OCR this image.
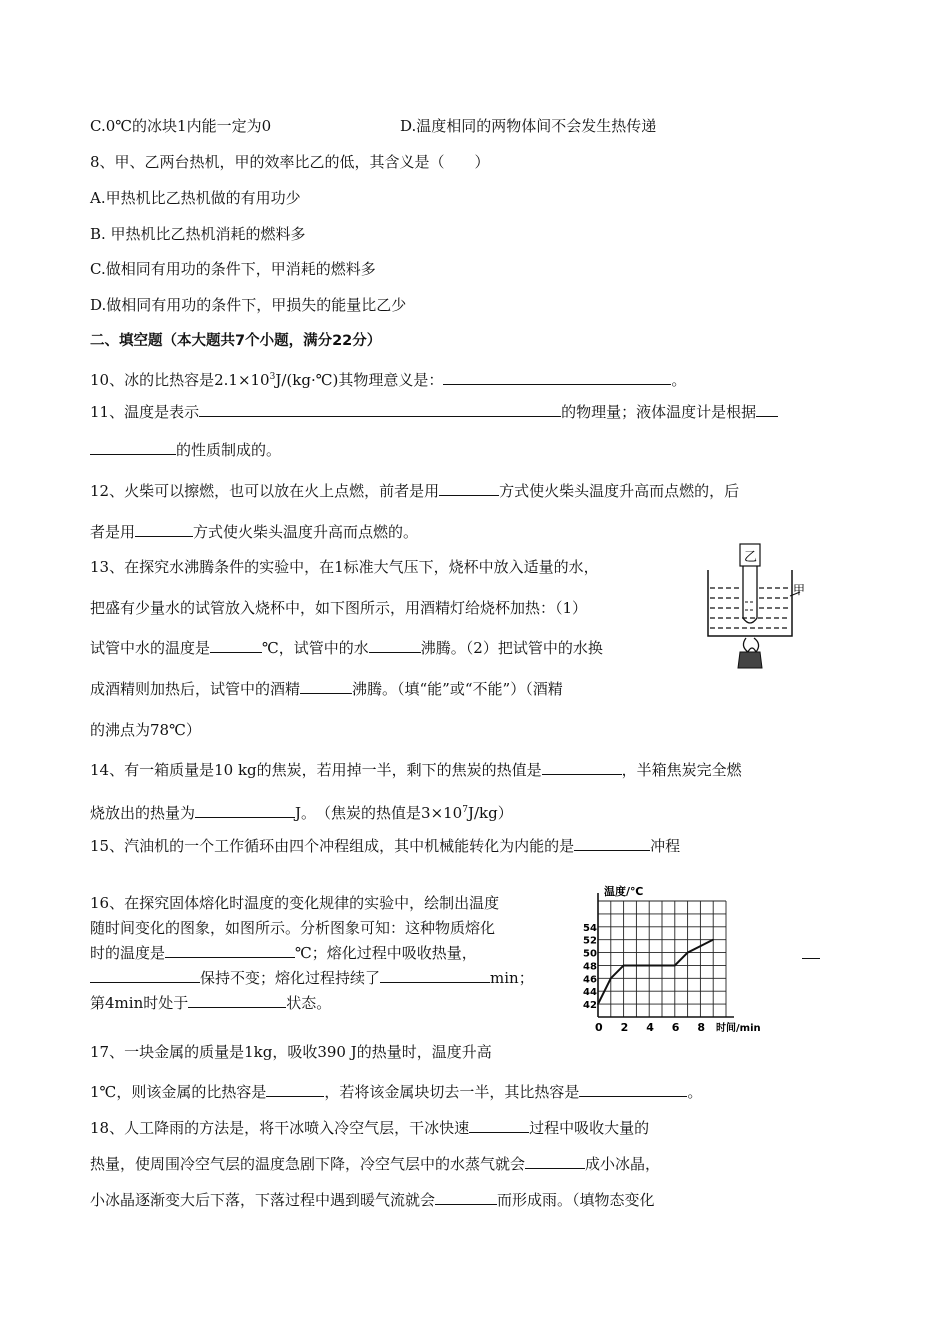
C.0℃的冰块1内能一定为0	D.温度相同的两物体间不会发生热传递
8、甲、乙两台热机，甲的效率比乙的低，其含义是（　　）
A.甲热机比乙热机做的有用功少
B. 甲热机比乙热机消耗的燃料多
C.做相同有用功的条件下，甲消耗的燃料多
D.做相同有用功的条件下，甲损失的能量比乙少
二、填空题（本大题共7个小题，满分22分）
10、冰的比热容是$2.1\times 10^3J/(kg\cdot℃)$其物理意义是：	。
11、温度是表示	的物理量；液体温度计是根据
的性质制成的。
12、火柴可以擦燃，也可以放在火上点燃，前者是用	方式使火柴头温度升高而点燃的，后
者是用	方式使火柴头温度升高而点燃的。
13、在探究水沸腾条件的实验中，在1标准大气压下，烧杯中放入适量的水，
把盛有少量水的试管放入烧杯中，如下图所示，用酒精灯给烧杯加热：（1）
试管中水的温度是	℃，试管中的水	沸腾。（2）把试管中的水换
成酒精则加热后，试管中的酒精	沸腾。（填“能”或“不能”）（酒精
的沸点为78℃）
乙
甲
14、有一箱质量是10 kg的焦炭，若用掉一半，剩下的焦炭的热值是	，半箱焦炭完全燃
烧放出的热量为	J。　（焦炭的热值是$3\times 10^7J/kg$）
15、汽油机的一个工作循环由四个冲程组成，其中机械能转化为内能的是	冲程
16、在探究固体熔化时温度的变化规律的实验中，绘制出温度
随时间变化的图象，如图所示。分析图象可知：这种物质熔化
时的温度是	℃；熔化过程中吸收热量，
保持不变；熔化过程持续了	min；
第4min时处于	状态。
温度/℃
时间/min
0 2 4 6 8
42
44
46
48
50
52
54
17、一块金属的质量是1kg，吸收390 J的热量时，温度升高
1℃，则该金属的比热容是	，若将该金属块切去一半，其比热容是	。
18、人工降雨的方法是，将干冰喷入冷空气层，干冰快速	过程中吸收大量的
热量，使周围冷空气层的温度急剧下降，冷空气层中的水蒸气就会	成小冰晶，
小冰晶逐渐变大后下落，下落过程中遇到暖气流就会	而形成雨。（填物态变化
